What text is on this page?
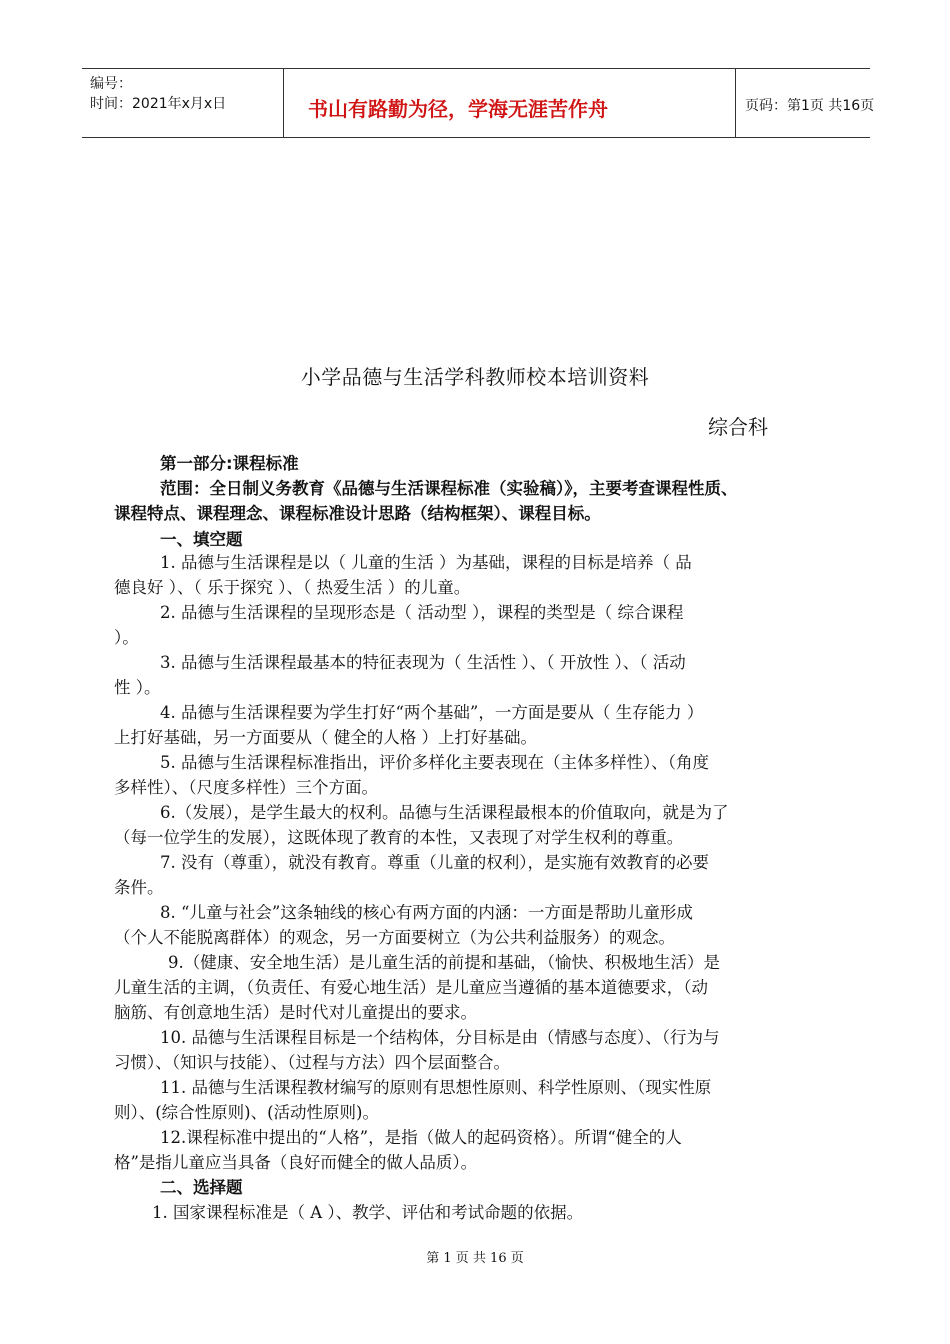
编号：
时间：2021年x月x日	书山有路勤为径，学海无涯苦作舟	页码：第1页 共16页
小学品德与生活学科教师校本培训资料
综合科
第一部分:课程标准
范围：全日制义务教育《品德与生活课程标准（实验稿）》，主要考查课程性质、
课程特点、课程理念、课程标准设计思路（结构框架）、课程目标。
一、填空题
1. 品德与生活课程是以（ 儿童的生活 ）为基础，课程的目标是培养（ 品
德良好 ）、（ 乐于探究 ）、（ 热爱生活 ）的儿童。
2. 品德与生活课程的呈现形态是（ 活动型 ），课程的类型是（ 综合课程
）。
3. 品德与生活课程最基本的特征表现为（ 生活性 ）、（ 开放性 ）、（ 活动
性 ）。
4. 品德与生活课程要为学生打好“两个基础”，一方面是要从（ 生存能力 ）
上打好基础，另一方面要从（ 健全的人格 ）上打好基础。
5. 品德与生活课程标准指出，评价多样化主要表现在（主体多样性）、（角度
多样性）、（尺度多样性）三个方面。
6.（发展），是学生最大的权利。品德与生活课程最根本的价值取向，就是为了
（每一位学生的发展），这既体现了教育的本性，又表现了对学生权利的尊重。
7. 没有（尊重），就没有教育。尊重（儿童的权利），是实施有效教育的必要
条件。
8. “儿童与社会”这条轴线的核心有两方面的内涵：一方面是帮助儿童形成
（个人不能脱离群体）的观念，另一方面要树立（为公共利益服务）的观念。
9.（健康、安全地生活）是儿童生活的前提和基础，（愉快、积极地生活）是
儿童生活的主调，（负责任、有爱心地生活）是儿童应当遵循的基本道德要求，（动
脑筋、有创意地生活）是时代对儿童提出的要求。
10. 品德与生活课程目标是一个结构体，分目标是由（情感与态度）、（行为与
习惯）、（知识与技能）、（过程与方法）四个层面整合。
11. 品德与生活课程教材编写的原则有思想性原则、科学性原则、（现实性原
则）、(综合性原则)、(活动性原则)。
12.课程标准中提出的“人格”，是指（做人的起码资格）。所谓“健全的人
格”是指儿童应当具备（良好而健全的做人品质）。
二、选择题
1. 国家课程标准是（ A ）、教学、评估和考试命题的依据。
第 1 页 共 16 页
